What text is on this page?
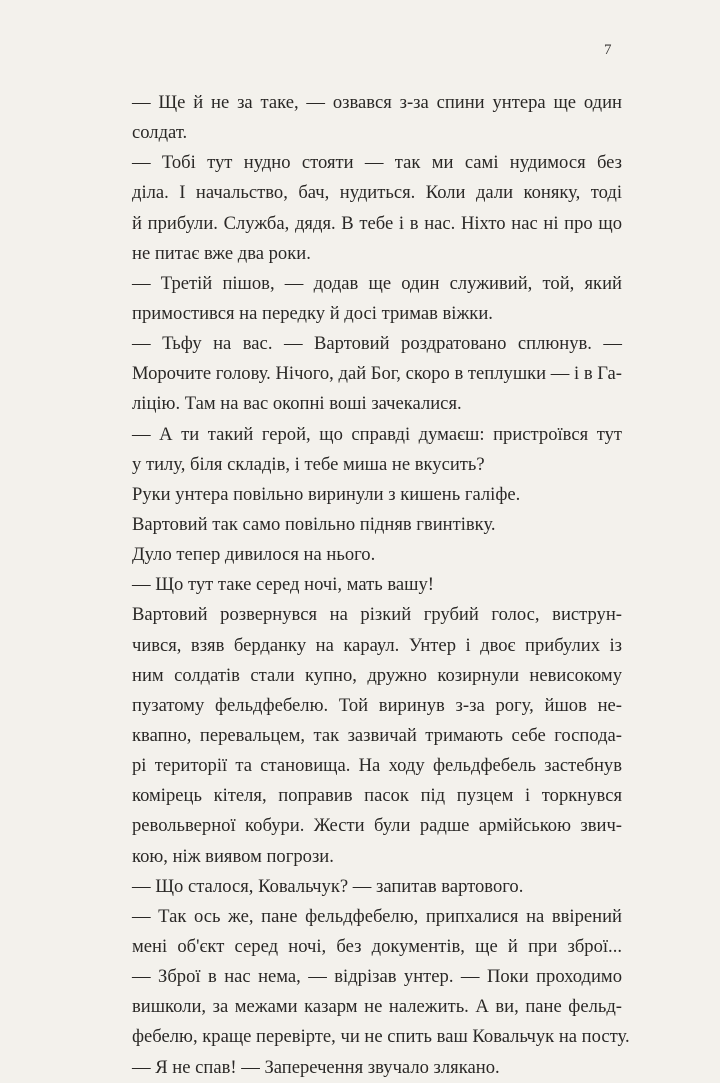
7
— Ще й не за таке, — озвався з-за спини унтера ще один
солдат.
— Тобі тут нудно стояти — так ми самі нудимося без
діла. І начальство, бач, нудиться. Коли дали коняку, тоді
й прибули. Служба, дядя. В тебе і в нас. Ніхто нас ні про що
не питає вже два роки.
— Третій пішов, — додав ще один служивий, той, який
примостився на передку й досі тримав віжки.
— Тьфу на вас. — Вартовий роздратовано сплюнув. —
Морочите голову. Нічого, дай Бог, скоро в теплушки — і в Га-
ліцію. Там на вас окопні воші зачекалися.
— А ти такий герой, що справді думаєш: пристроївся тут
у тилу, біля складів, і тебе миша не вкусить?
Руки унтера повільно виринули з кишень галіфе.
Вартовий так само повільно підняв гвинтівку.
Дуло тепер дивилося на нього.
— Що тут таке серед ночі, мать вашу!
Вартовий розвернувся на різкий грубий голос, виструн-
чився, взяв берданку на караул. Унтер і двоє прибулих із
ним солдатів стали купно, дружно козирнули невисокому
пузатому фельдфебелю. Той виринув з-за рогу, йшов не-
квапно, перевальцем, так зазвичай тримають себе господа-
рі території та становища. На ходу фельдфебель застебнув
комірець кітеля, поправив пасок під пузцем і торкнувся
револьверної кобури. Жести були радше армійською звич-
кою, ніж виявом погрози.
— Що сталося, Ковальчук? — запитав вартового.
— Так ось же, пане фельдфебелю, припхалися на ввірений
мені об'єкт серед ночі, без документів, ще й при зброї...
— Зброї в нас нема, — відрізав унтер. — Поки проходимо
вишколи, за межами казарм не належить. А ви, пане фельд-
фебелю, краще перевірте, чи не спить ваш Ковальчук на посту.
— Я не спав! — Заперечення звучало злякано.
